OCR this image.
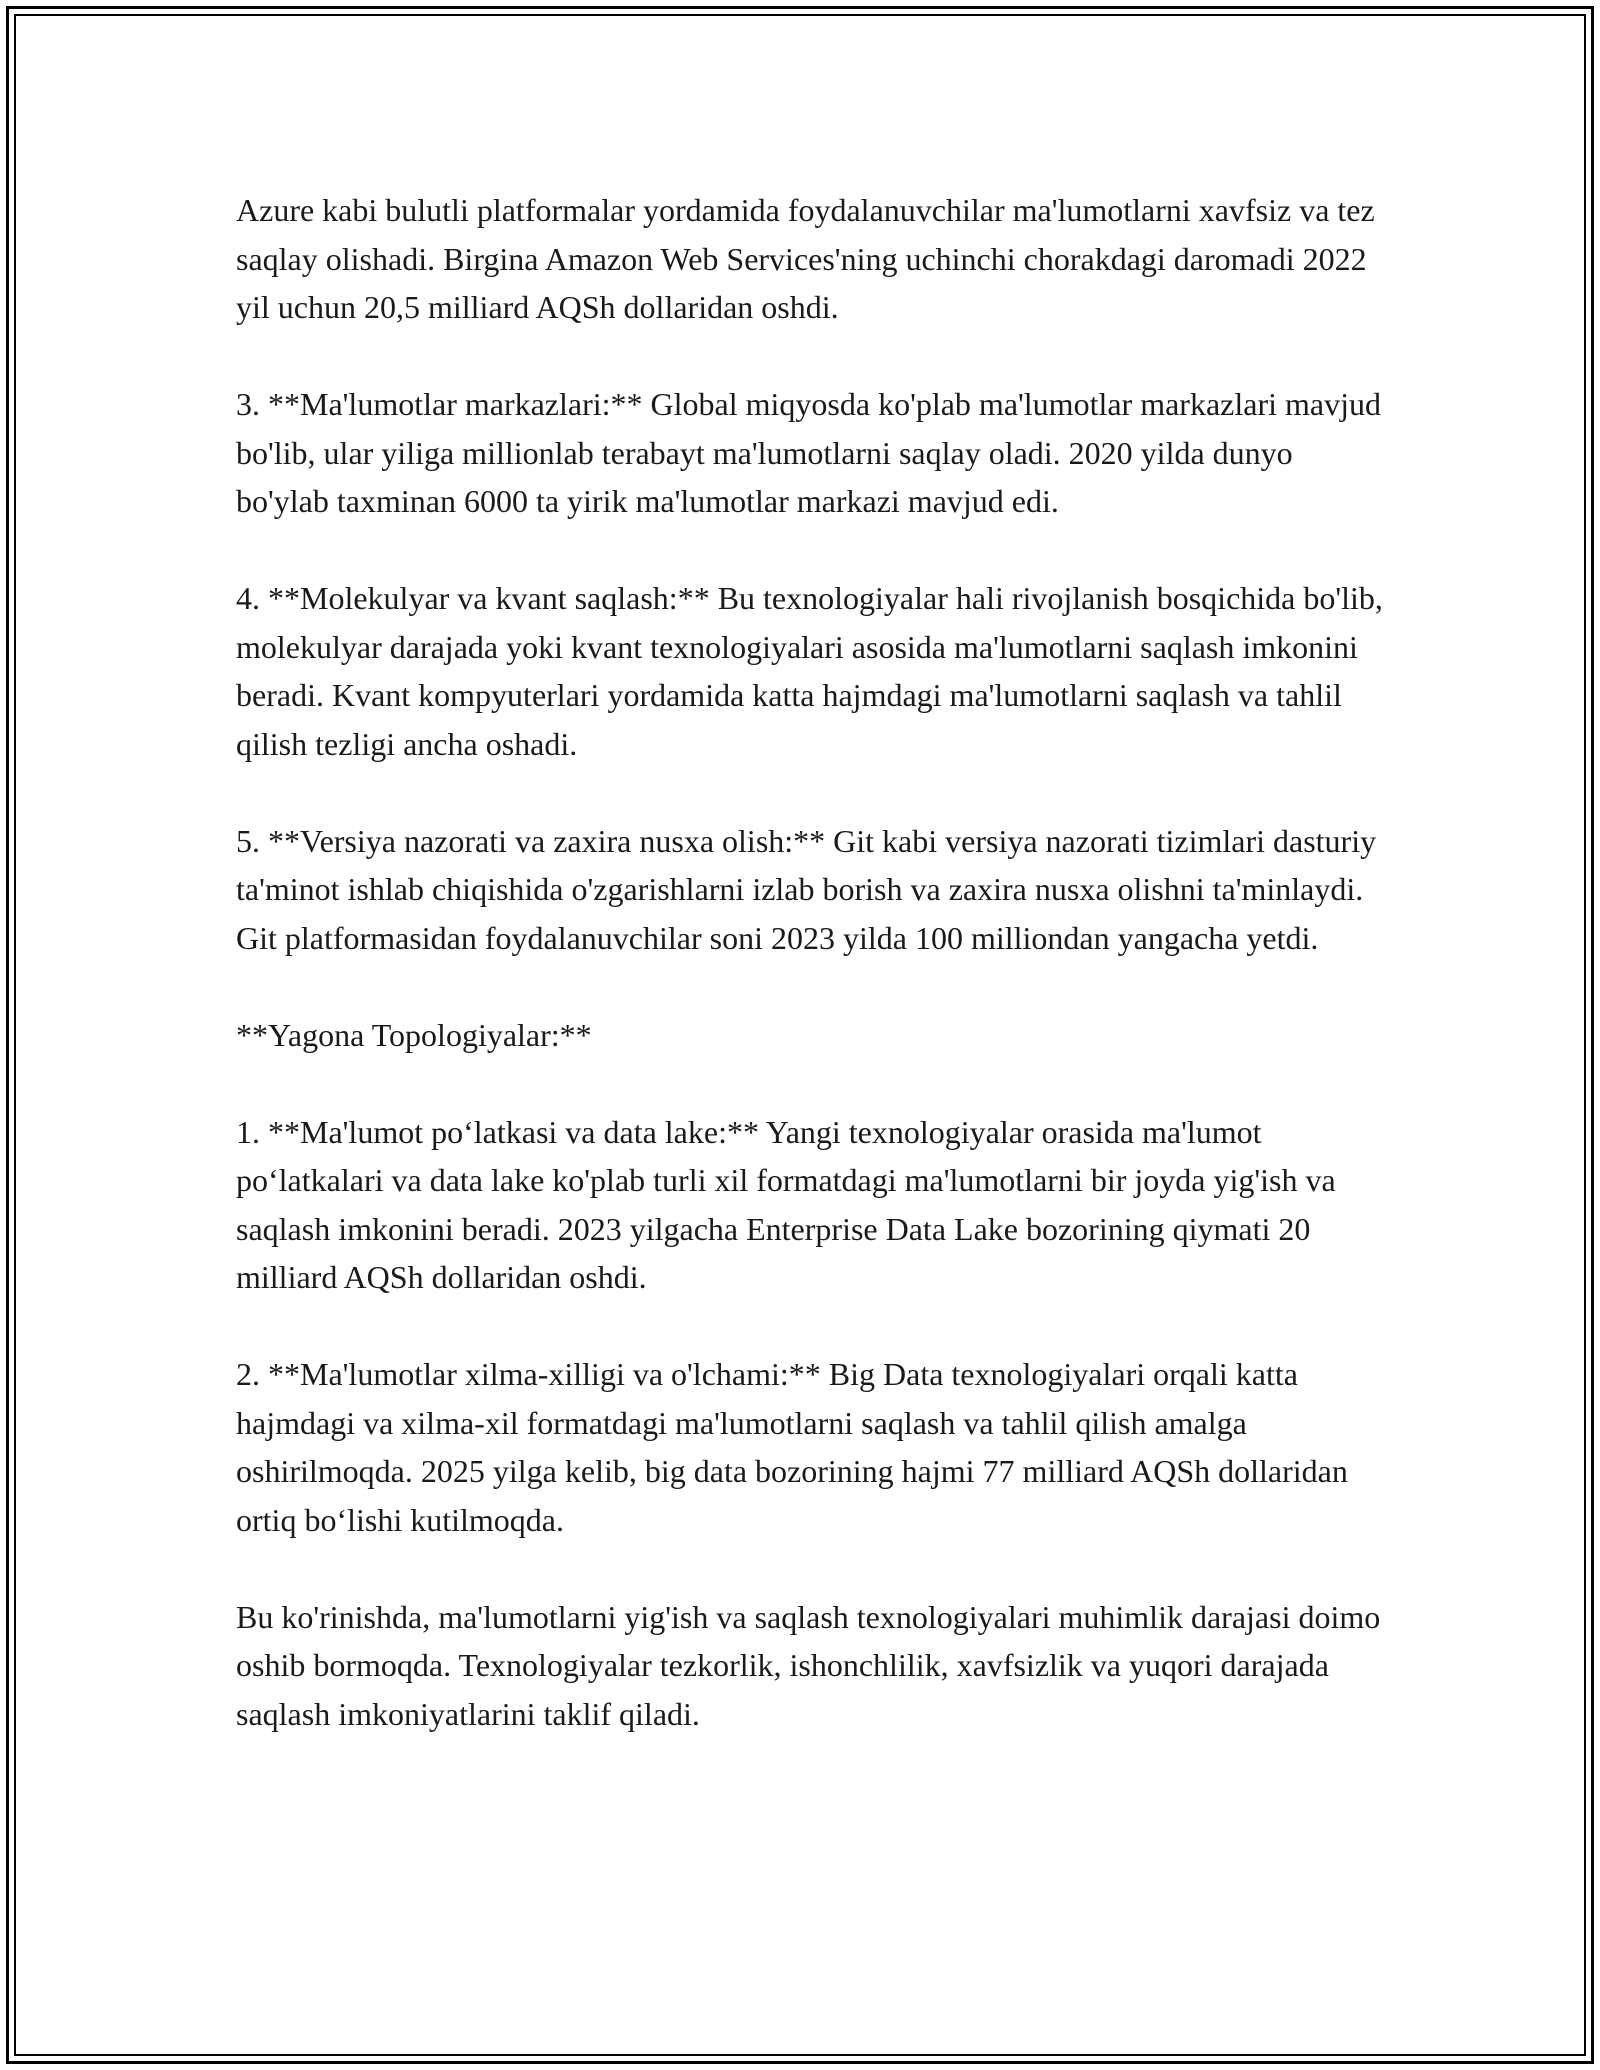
Azure kabi bulutli platformalar yordamida foydalanuvchilar ma'lumotlarni xavfsiz va tez saqlay olishadi. Birgina Amazon Web Services'ning uchinchi chorakdagi daromadi 2022 yil uchun 20,5 milliard AQSh dollaridan oshdi.

3. **Ma'lumotlar markazlari:** Global miqyosda ko'plab ma'lumotlar markazlari mavjud bo'lib, ular yiliga millionlab terabayt ma'lumotlarni saqlay oladi. 2020 yilda dunyo bo'ylab taxminan 6000 ta yirik ma'lumotlar markazi mavjud edi.

4. **Molekulyar va kvant saqlash:** Bu texnologiyalar hali rivojlanish bosqichida bo'lib, molekulyar darajada yoki kvant texnologiyalari asosida ma'lumotlarni saqlash imkonini beradi. Kvant kompyuterlari yordamida katta hajmdagi ma'lumotlarni saqlash va tahlil qilish tezligi ancha oshadi.

5. **Versiya nazorati va zaxira nusxa olish:** Git kabi versiya nazorati tizimlari dasturiy ta'minot ishlab chiqishida o'zgarishlarni izlab borish va zaxira nusxa olishni ta'minlaydi. Git platformasidan foydalanuvchilar soni 2023 yilda 100 milliondan yangacha yetdi.

**Yagona Topologiyalar:**

1. **Ma'lumot po‘latkasi va data lake:** Yangi texnologiyalar orasida ma'lumot po‘latkalari va data lake ko'plab turli xil formatdagi ma'lumotlarni bir joyda yig'ish va saqlash imkonini beradi. 2023 yilgacha Enterprise Data Lake bozorining qiymati 20 milliard AQSh dollaridan oshdi.

2. **Ma'lumotlar xilma-xilligi va o'lchami:** Big Data texnologiyalari orqali katta hajmdagi va xilma-xil formatdagi ma'lumotlarni saqlash va tahlil qilish amalga oshirilmoqda. 2025 yilga kelib, big data bozorining hajmi 77 milliard AQSh dollaridan ortiq bo‘lishi kutilmoqda.

Bu ko'rinishda, ma'lumotlarni yig'ish va saqlash texnologiyalari muhimlik darajasi doimo oshib bormoqda. Texnologiyalar tezkorlik, ishonchlilik, xavfsizlik va yuqori darajada saqlash imkoniyatlarini taklif qiladi.
